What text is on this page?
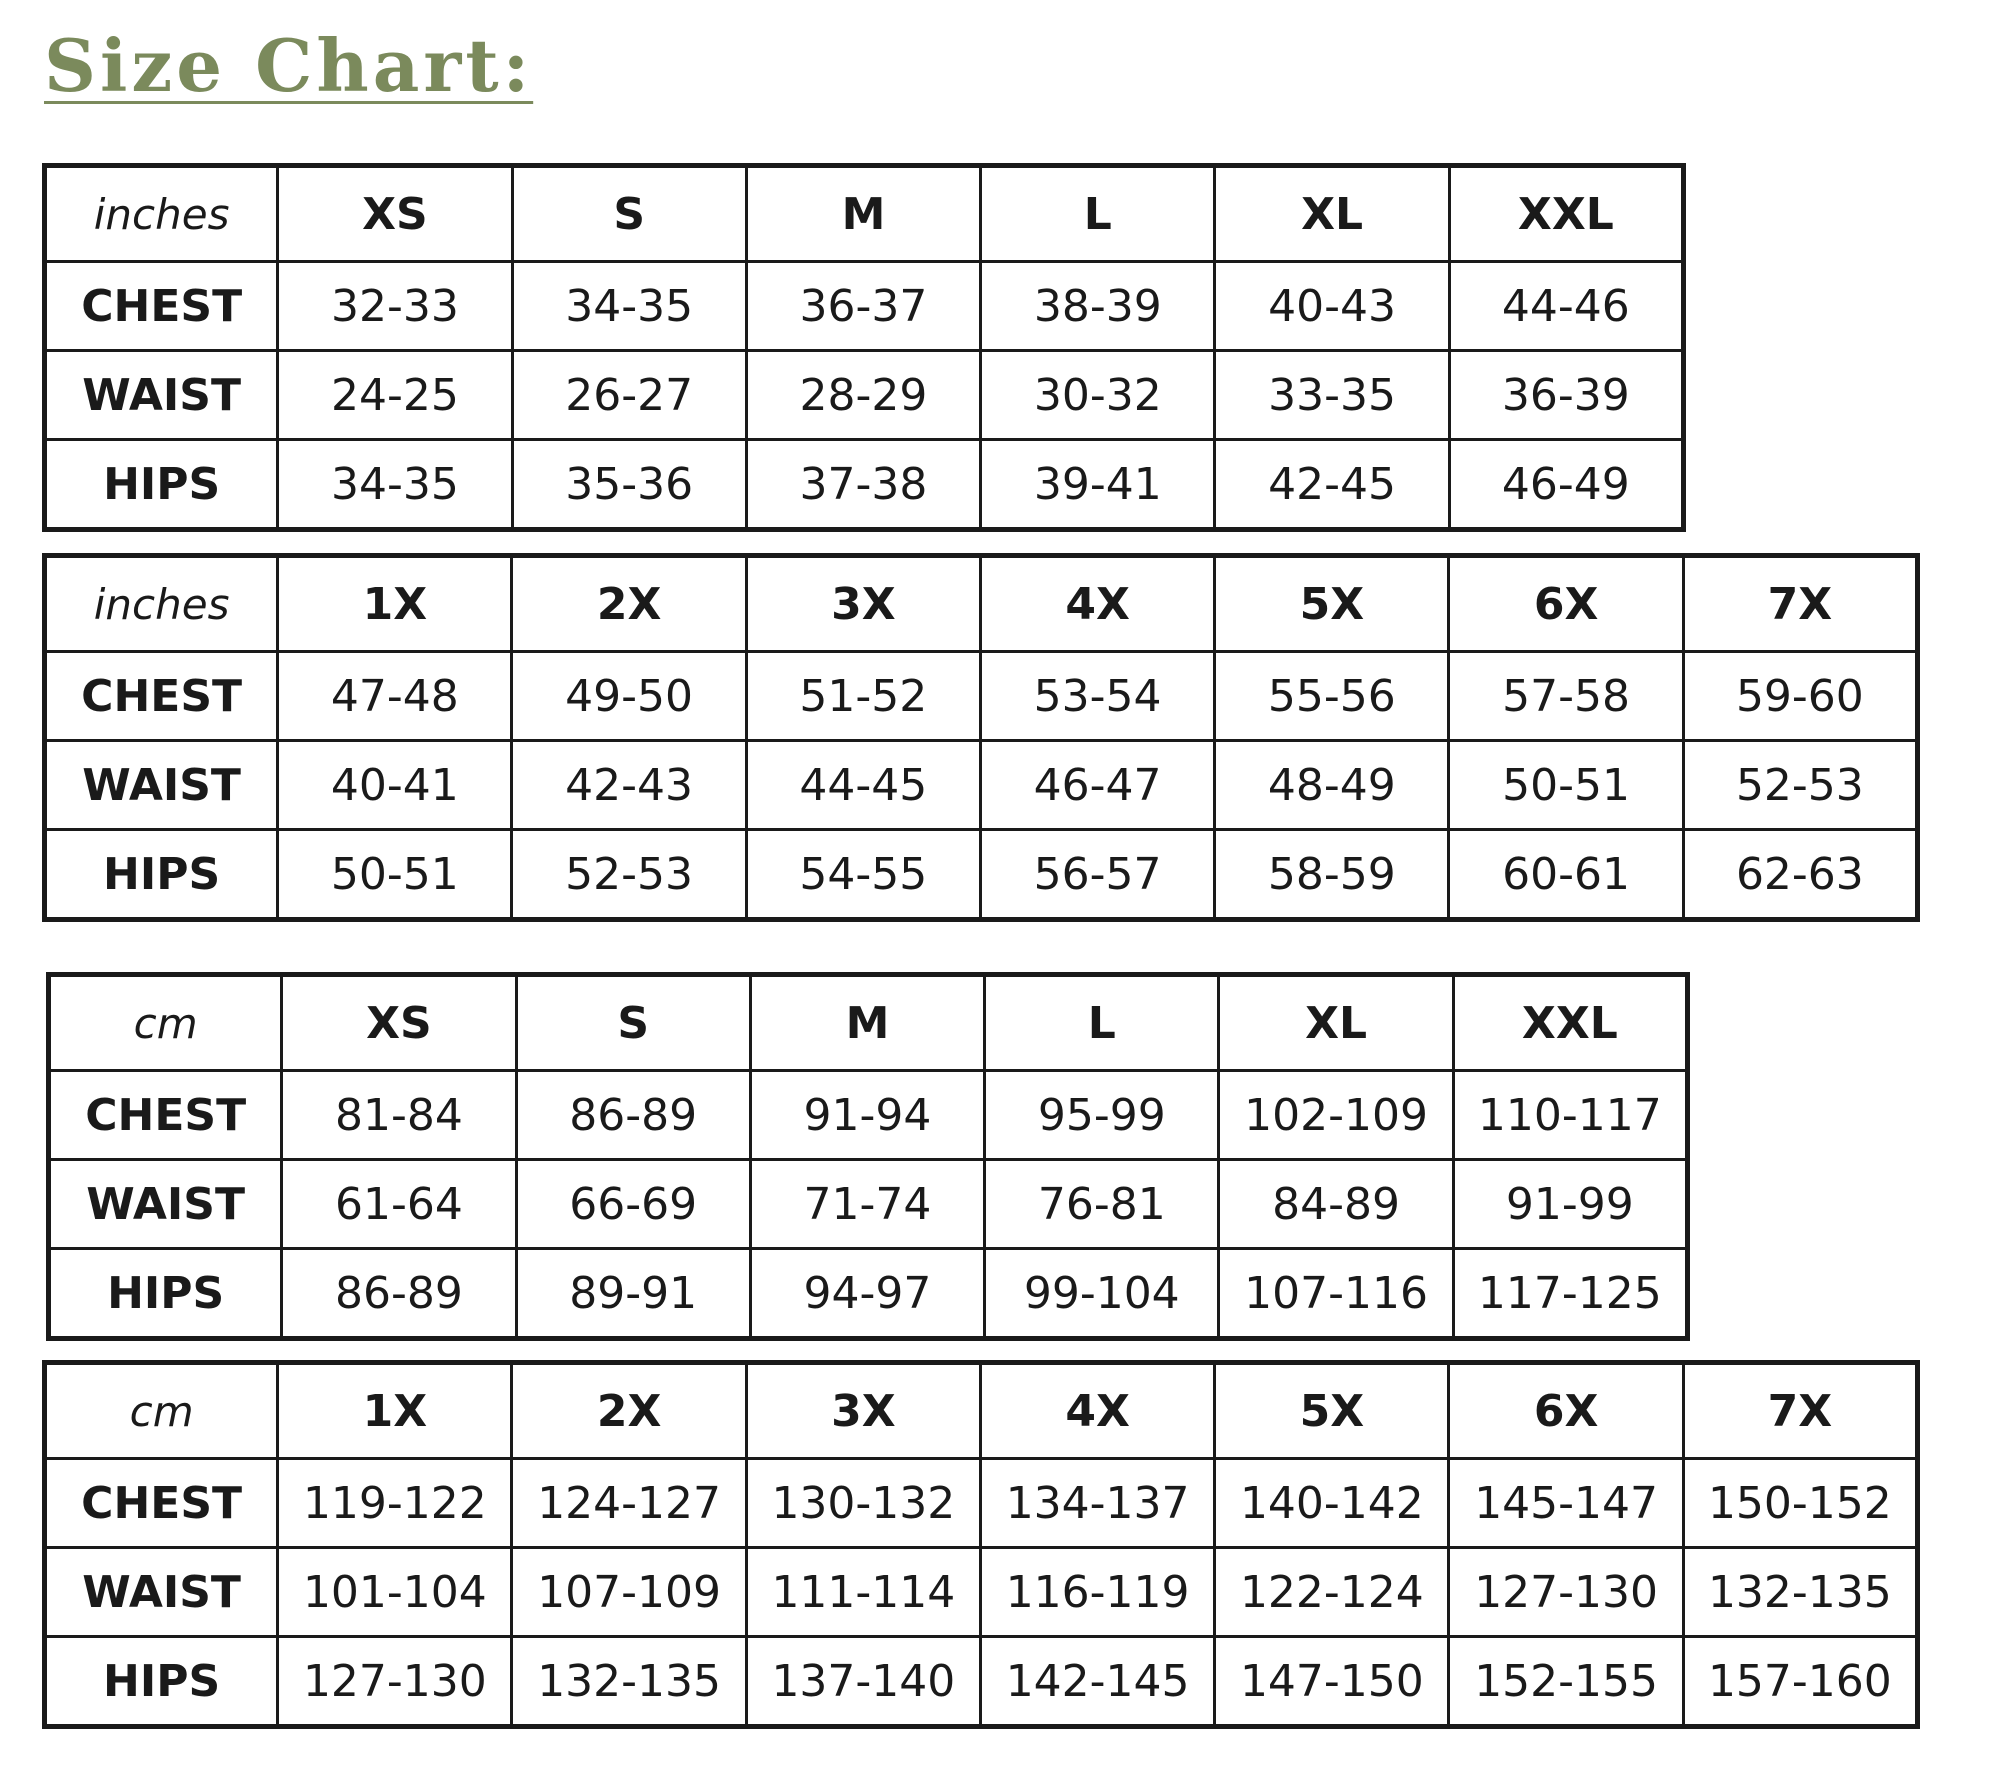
Size Chart:
inches	XS	S	M	L	XL	XXL
CHEST	32-33	34-35	36-37	38-39	40-43	44-46
WAIST	24-25	26-27	28-29	30-32	33-35	36-39
HIPS	34-35	35-36	37-38	39-41	42-45	46-49
inches	1X	2X	3X	4X	5X	6X	7X
CHEST	47-48	49-50	51-52	53-54	55-56	57-58	59-60
WAIST	40-41	42-43	44-45	46-47	48-49	50-51	52-53
HIPS	50-51	52-53	54-55	56-57	58-59	60-61	62-63
cm	XS	S	M	L	XL	XXL
CHEST	81-84	86-89	91-94	95-99	102-109	110-117
WAIST	61-64	66-69	71-74	76-81	84-89	91-99
HIPS	86-89	89-91	94-97	99-104	107-116	117-125
cm	1X	2X	3X	4X	5X	6X	7X
CHEST	119-122	124-127	130-132	134-137	140-142	145-147	150-152
WAIST	101-104	107-109	111-114	116-119	122-124	127-130	132-135
HIPS	127-130	132-135	137-140	142-145	147-150	152-155	157-160
